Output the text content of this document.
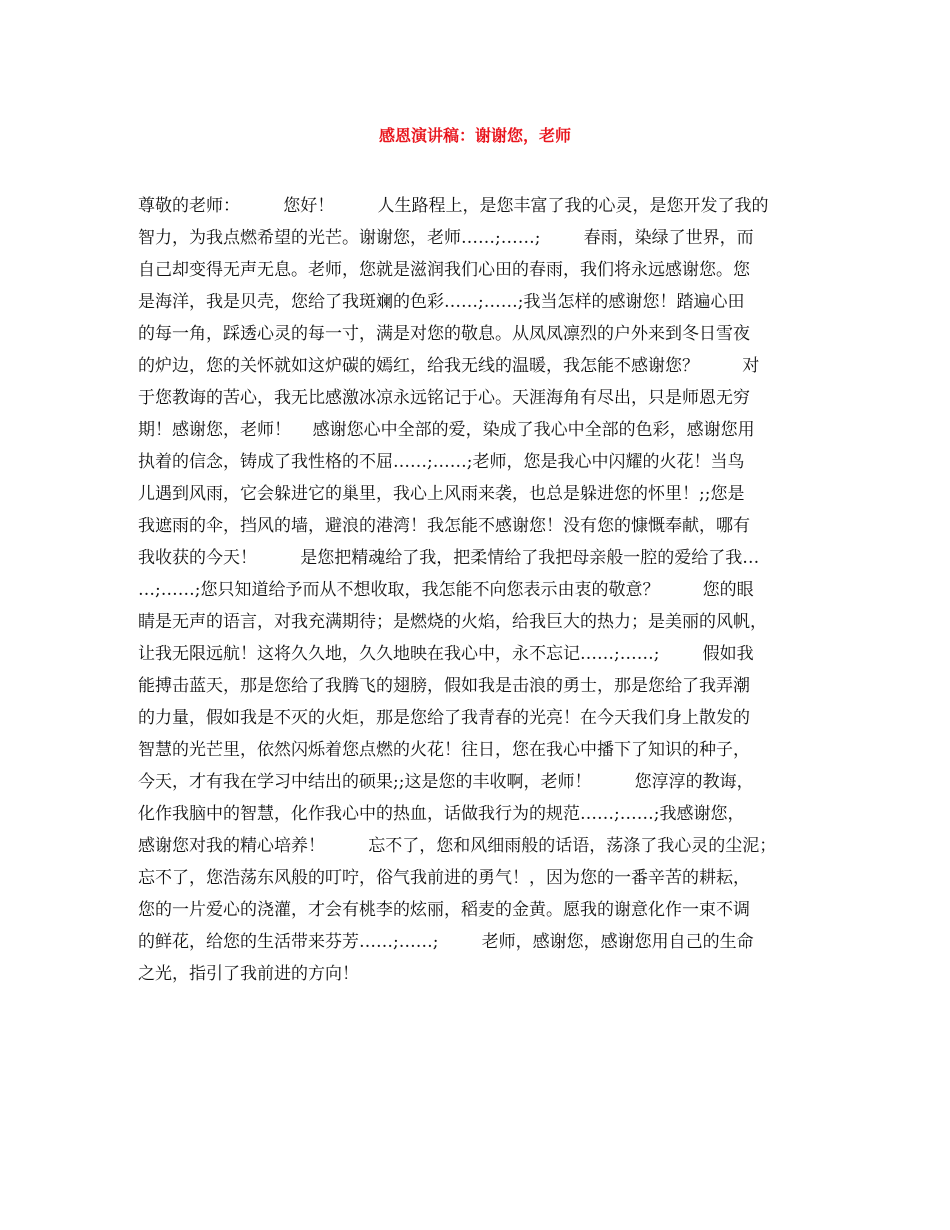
感恩演讲稿：谢谢您，老师
尊敬的老师：        您好！        人生路程上，是您丰富了我的心灵，是您开发了我的
智力，为我点燃希望的光芒。谢谢您，老师……;……;        春雨，染绿了世界，而
自己却变得无声无息。老师，您就是滋润我们心田的春雨，我们将永远感谢您。您
是海洋，我是贝壳，您给了我斑斓的色彩……;……;我当怎样的感谢您！踏遍心田
的每一角，踩透心灵的每一寸，满是对您的敬息。从凤凤凛烈的户外来到冬日雪夜
的炉边，您的关怀就如这炉碳的嫣红，给我无线的温暖，我怎能不感谢您？        对
于您教诲的苦心，我无比感激冰凉永远铭记于心。天涯海角有尽出，只是师恩无穷
期！感谢您，老师！    感谢您心中全部的爱，染成了我心中全部的色彩，感谢您用
执着的信念，铸成了我性格的不屈……;……;老师，您是我心中闪耀的火花！当鸟
儿遇到风雨，它会躲进它的巢里，我心上风雨来袭，也总是躲进您的怀里！;;您是
我遮雨的伞，挡风的墙，避浪的港湾！我怎能不感谢您！没有您的慷慨奉献，哪有
我收获的今天！        是您把精魂给了我，把柔情给了我把母亲般一腔的爱给了我…
…;……;您只知道给予而从不想收取，我怎能不向您表示由衷的敬意？        您的眼
睛是无声的语言，对我充满期待；是燃烧的火焰，给我巨大的热力；是美丽的风帆，
让我无限远航！这将久久地，久久地映在我心中，永不忘记……;……;        假如我
能搏击蓝天，那是您给了我腾飞的翅膀，假如我是击浪的勇士，那是您给了我弄潮
的力量，假如我是不灭的火炬，那是您给了我青春的光亮！在今天我们身上散发的
智慧的光芒里，依然闪烁着您点燃的火花！往日，您在我心中播下了知识的种子，
今天，才有我在学习中结出的硕果;;这是您的丰收啊，老师！        您淳淳的教诲，
化作我脑中的智慧，化作我心中的热血，话做我行为的规范……;……;我感谢您，
感谢您对我的精心培养！        忘不了，您和风细雨般的话语，荡涤了我心灵的尘泥；
忘不了，您浩荡东风般的叮咛，俗气我前进的勇气！，因为您的一番辛苦的耕耘，
您的一片爱心的浇灌，才会有桃李的炫丽，稻麦的金黄。愿我的谢意化作一束不调
的鲜花，给您的生活带来芬芳……;……;        老师，感谢您，感谢您用自己的生命
之光，指引了我前进的方向！
